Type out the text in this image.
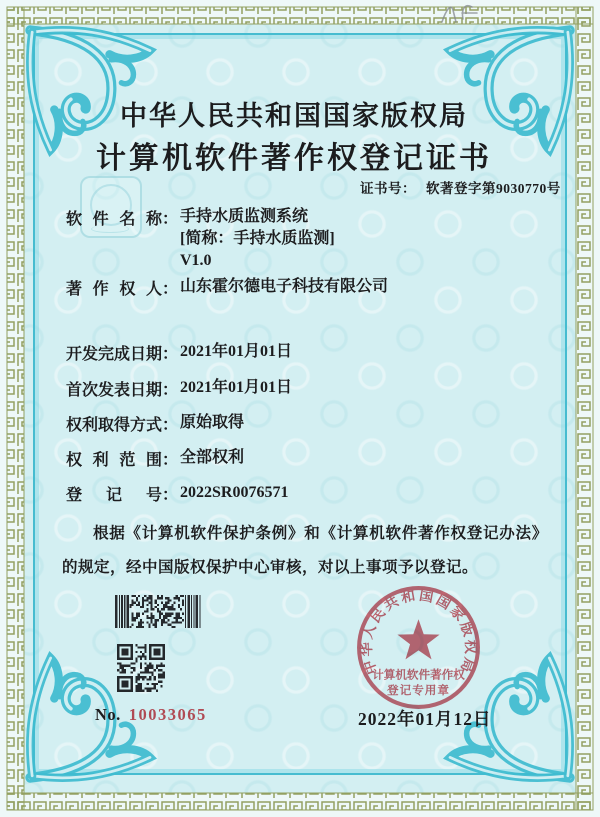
中华人民共和国国家版权局
计算机软件著作权登记证书
证书号： 软著登字第9030770号
软件名称： 手持水质监测系统
[简称：手持水质监测]
V1.0
著作权人： 山东霍尔德电子科技有限公司
开发完成日期： 2021年01月01日
首次发表日期： 2021年01月01日
权利取得方式： 原始取得
权利范围： 全部权利
登记号： 2022SR0076571
根据《计算机软件保护条例》和《计算机软件著作权登记办法》的规定，经中国版权保护中心审核，对以上事项予以登记。
No. 10033065
中华人民共和国国家版权局
计算机软件著作权
登记专用章
2022年01月12日
